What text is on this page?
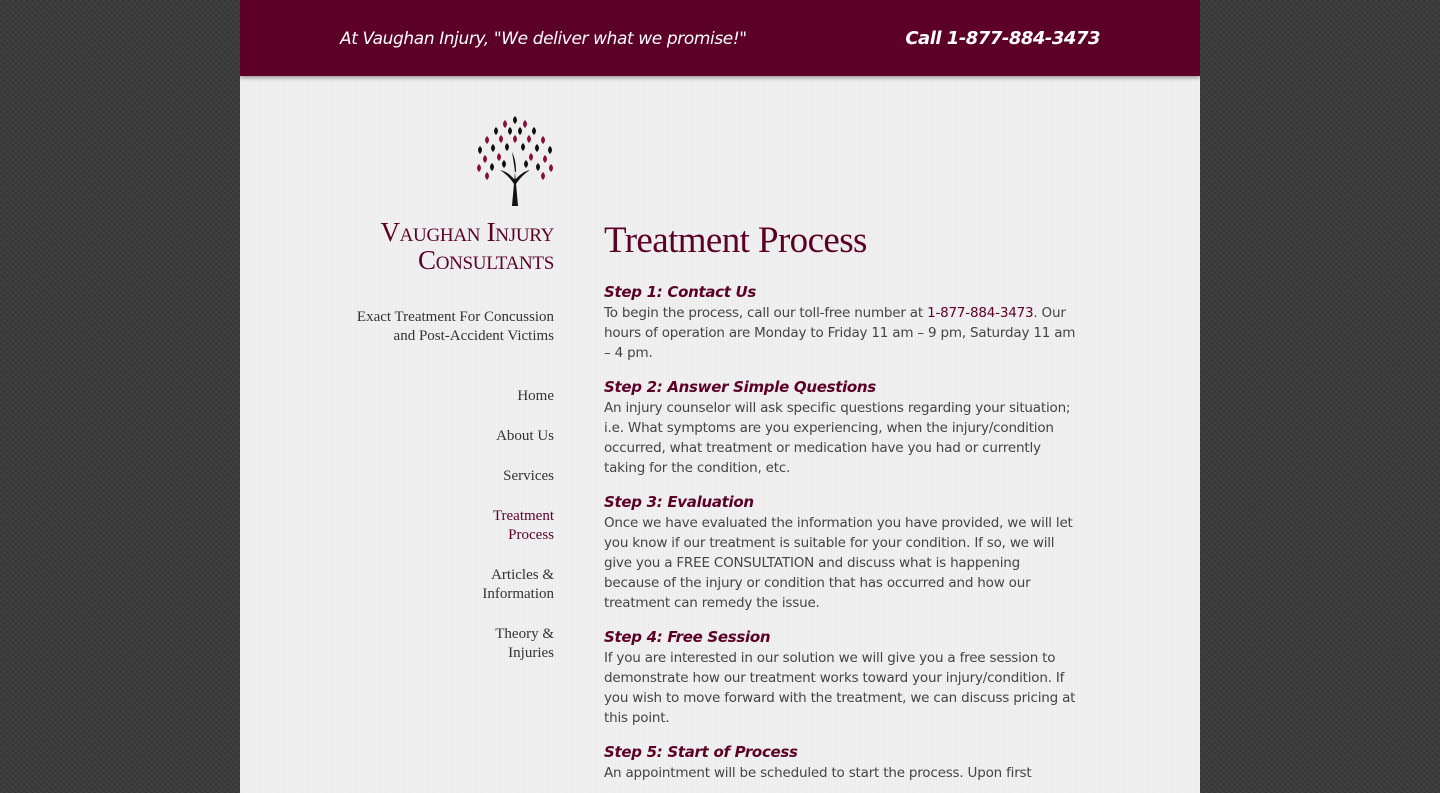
At Vaughan Injury, "We deliver what we promise!"	Call 1-877-884-3473
Vaughan Injury
Consultants
Exact Treatment For Concussion
and Post-Accident Victims
Home
About Us
Services
Treatment
Process
Articles &
Information
Theory &
Injuries
Treatment Process
Step 1: Contact Us

To begin the process, call our toll-free number at 1-877-884-3473. Our hours of operation are Monday to Friday 11 am – 9 pm, Saturday 11 am – 4 pm.

Step 2: Answer Simple Questions

An injury counselor will ask specific questions regarding your situation; i.e. What symptoms are you experiencing, when the injury/condition occurred, what treatment or medication have you had or currently taking for the condition, etc.

Step 3: Evaluation

Once we have evaluated the information you have provided, we will let you know if our treatment is suitable for your condition. If so, we will give you a FREE CONSULTATION and discuss what is happening because of the injury or condition that has occurred and how our treatment can remedy the issue.

Step 4: Free Session

If you are interested in our solution we will give you a free session to demonstrate how our treatment works toward your injury/condition. If you wish to move forward with the treatment, we can discuss pricing at this point.

Step 5: Start of Process

An appointment will be scheduled to start the process. Upon first
